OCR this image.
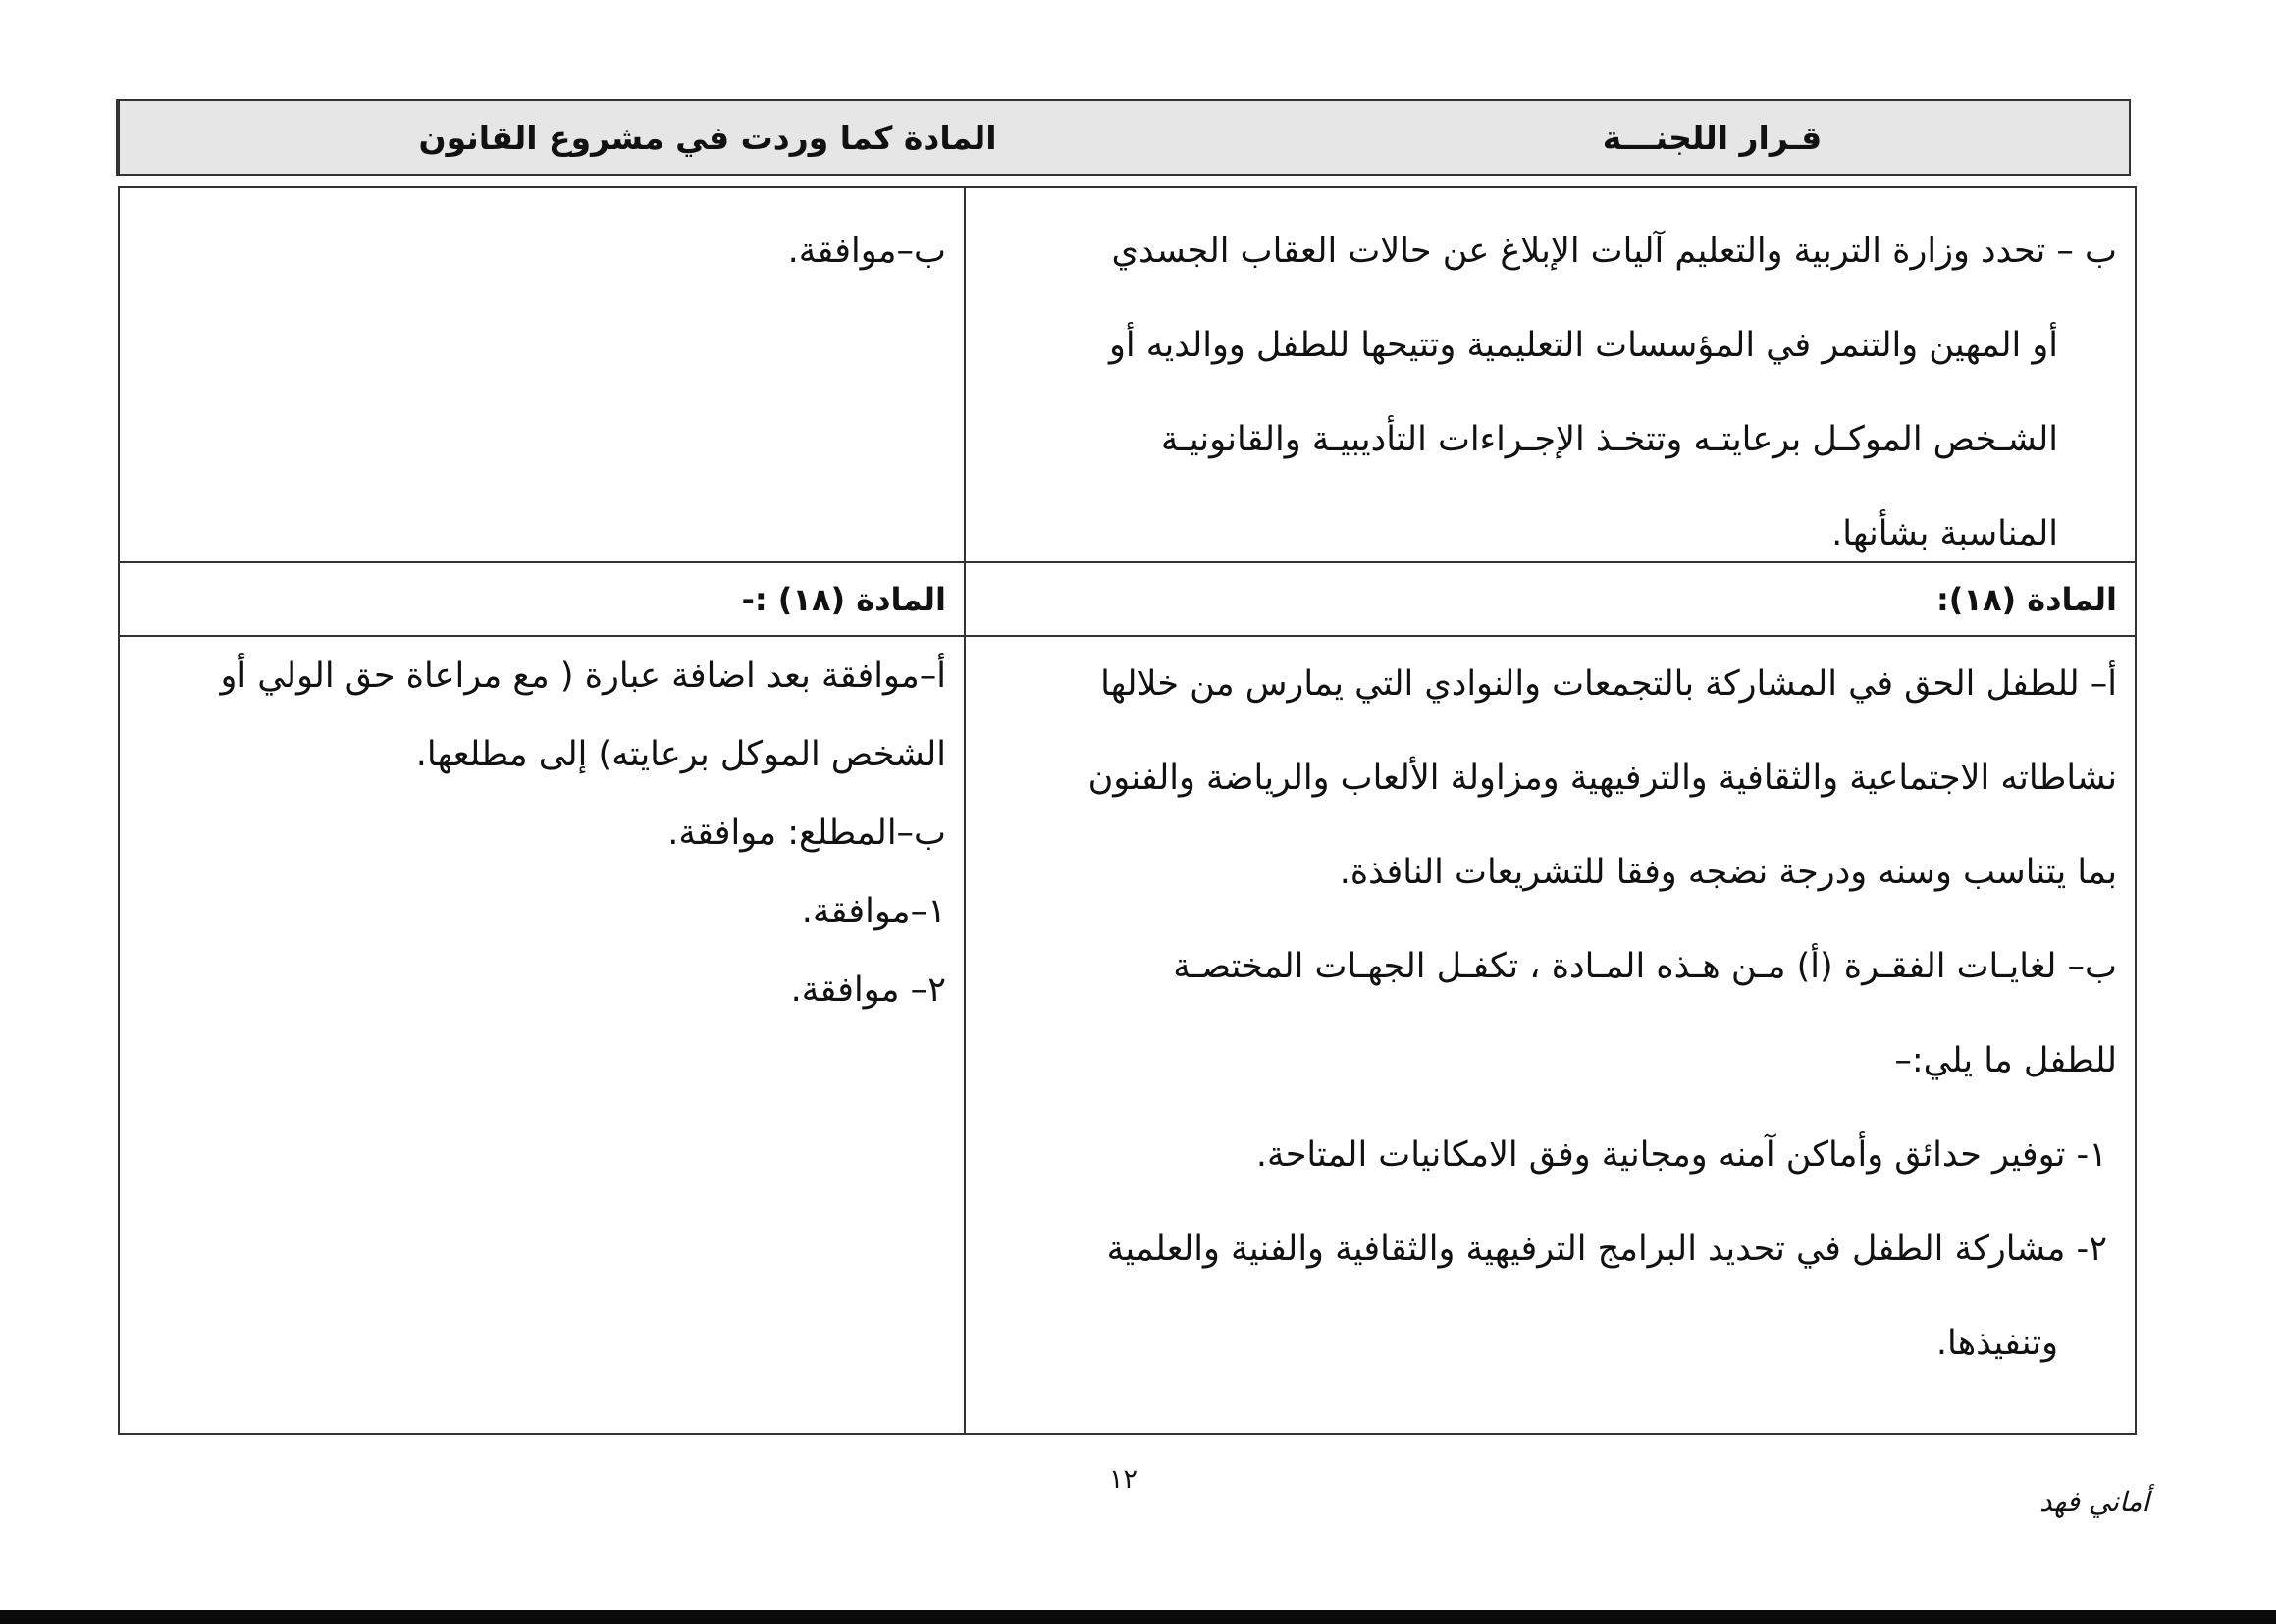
المادة كما وردت في مشروع القانون	قـرار اللجنـــة

ب – تحدد وزارة التربية والتعليم آليات الإبلاغ عن حالات العقاب الجسدي

أو المهين والتنمر في المؤسسات التعليمية وتتيحها للطفل ووالديه أو

الشـخص الموكـل برعايتـه وتتخـذ الإجـراءات التأديبيـة والقانونيـة

المناسبة بشأنها.

ب–موافقة.

المادة (١٨):

المادة (١٨) :-

أ– للطفل الحق في المشاركة بالتجمعات والنوادي التي يمارس من خلالها

نشاطاته الاجتماعية والثقافية والترفيهية ومزاولة الألعاب والرياضة والفنون

بما يتناسب وسنه ودرجة نضجه وفقا للتشريعات النافذة.

ب– لغايـات الفقـرة (أ) مـن هـذه المـادة ، تكفـل الجهـات المختصـة

للطفل ما يلي:–

١- توفير حدائق وأماكن آمنه ومجانية وفق الامكانيات المتاحة.

٢- مشاركة الطفل في تحديد البرامج الترفيهية والثقافية والفنية والعلمية

وتنفيذها.

أ–موافقة بعد اضافة عبارة ( مع مراعاة حق الولي أو

الشخص الموكل برعايته) إلى مطلعها.

ب–المطلع: موافقة.

١–موافقة.

٢– موافقة.

١٢
أماني فهد
